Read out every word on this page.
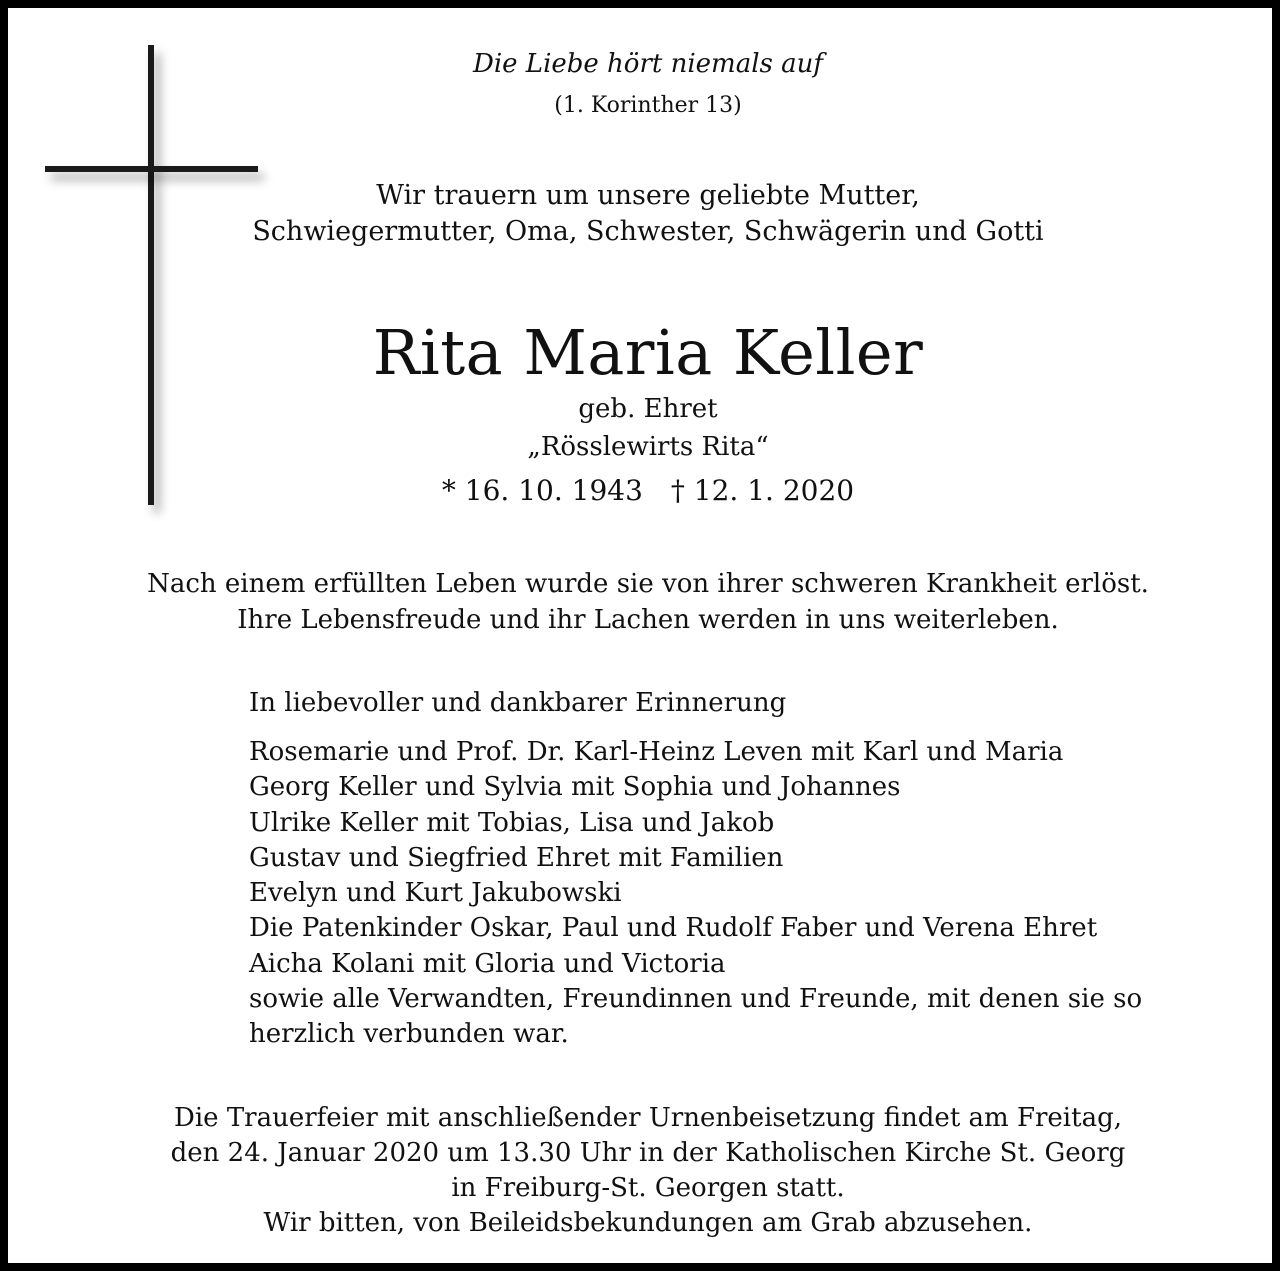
Die Liebe hört niemals auf
(1. Korinther 13)
Wir trauern um unsere geliebte Mutter,
Schwiegermutter, Oma, Schwester, Schwägerin und Gotti
Rita Maria Keller
geb. Ehret
„Rösslewirts Rita“
* 16. 10. 1943 † 12. 1. 2020
Nach einem erfüllten Leben wurde sie von ihrer schweren Krankheit erlöst.
Ihre Lebensfreude und ihr Lachen werden in uns weiterleben.
In liebevoller und dankbarer Erinnerung
Rosemarie und Prof. Dr. Karl-Heinz Leven mit Karl und Maria
Georg Keller und Sylvia mit Sophia und Johannes
Ulrike Keller mit Tobias, Lisa und Jakob
Gustav und Siegfried Ehret mit Familien
Evelyn und Kurt Jakubowski
Die Patenkinder Oskar, Paul und Rudolf Faber und Verena Ehret
Aicha Kolani mit Gloria und Victoria
sowie alle Verwandten, Freundinnen und Freunde, mit denen sie so
herzlich verbunden war.
Die Trauerfeier mit anschließender Urnenbeisetzung findet am Freitag,
den 24. Januar 2020 um 13.30 Uhr in der Katholischen Kirche St. Georg
in Freiburg-St. Georgen statt.
Wir bitten, von Beileidsbekundungen am Grab abzusehen.
